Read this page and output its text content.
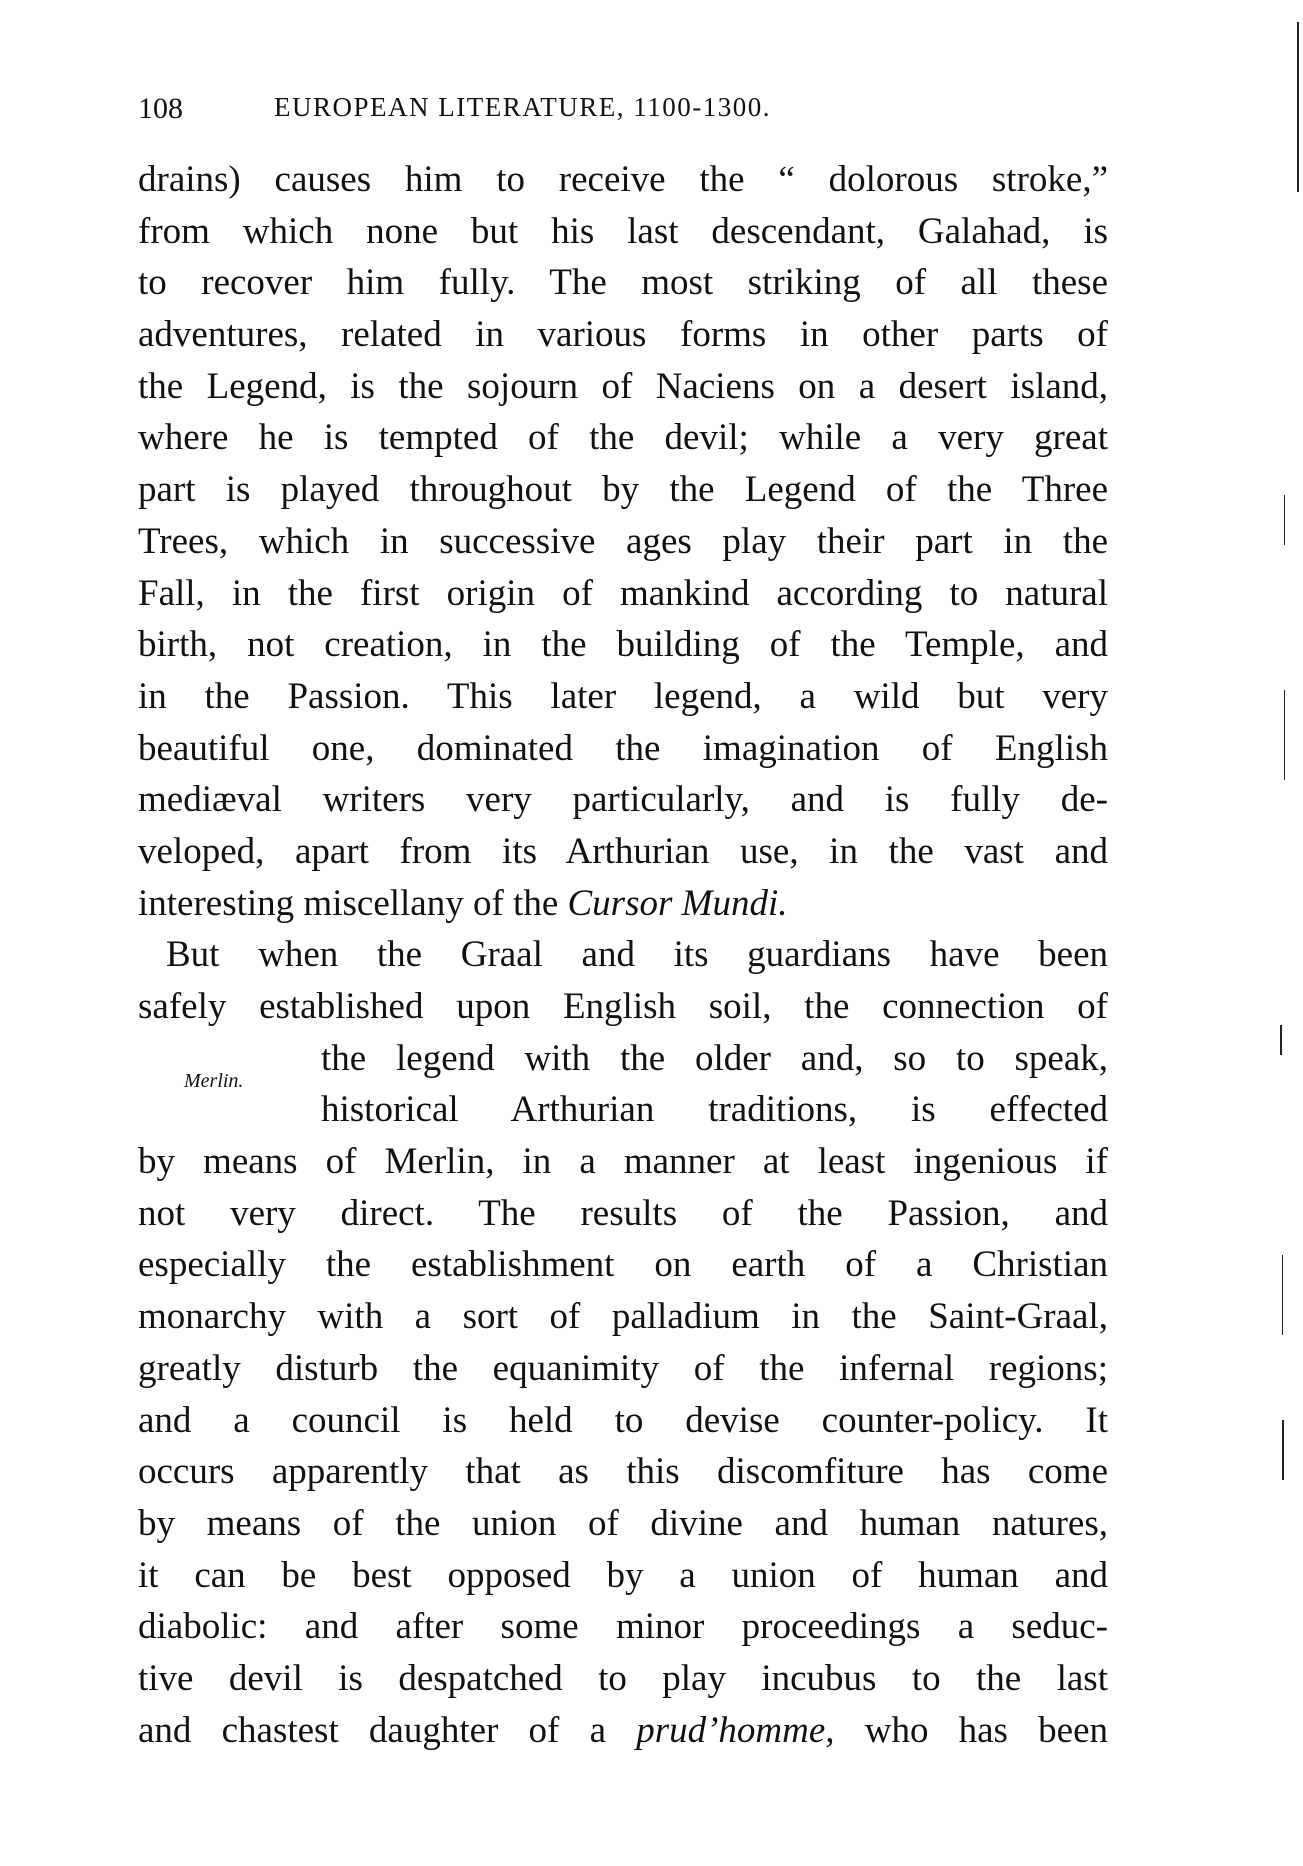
108	EUROPEAN LITERATURE, 1100-1300.
drains) causes him to receive the “ dolorous stroke,”
from which none but his last descendant, Galahad, is
to recover him fully. The most striking of all these
adventures, related in various forms in other parts of
the Legend, is the sojourn of Naciens on a desert island,
where he is tempted of the devil; while a very great
part is played throughout by the Legend of the Three
Trees, which in successive ages play their part in the
Fall, in the first origin of mankind according to natural
birth, not creation, in the building of the Temple, and
in the Passion. This later legend, a wild but very
beautiful one, dominated the imagination of English
mediæval writers very particularly, and is fully de-
veloped, apart from its Arthurian use, in the vast and
interesting miscellany of the Cursor Mundi.
But when the Graal and its guardians have been
safely established upon English soil, the connection of
the legend with the older and, so to speak,
historical Arthurian traditions, is effected
by means of Merlin, in a manner at least ingenious if
not very direct. The results of the Passion, and
especially the establishment on earth of a Christian
monarchy with a sort of palladium in the Saint-Graal,
greatly disturb the equanimity of the infernal regions;
and a council is held to devise counter-policy. It
occurs apparently that as this discomfiture has come
by means of the union of divine and human natures,
it can be best opposed by a union of human and
diabolic: and after some minor proceedings a seduc-
tive devil is despatched to play incubus to the last
and chastest daughter of a prud’homme, who has been
Merlin.
